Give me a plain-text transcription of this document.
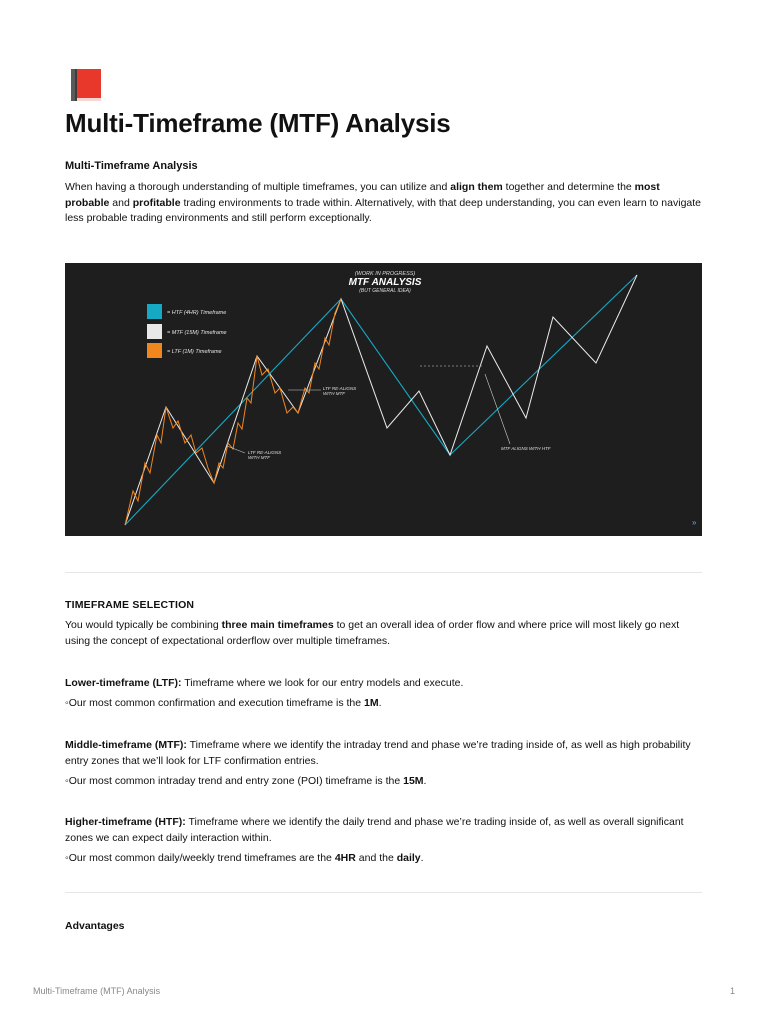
Multi-Timeframe (MTF) Analysis
Multi-Timeframe Analysis
When having a thorough understanding of multiple timeframes, you can utilize and align them together and determine the most probable and profitable trading environments to trade within. Alternatively, with that deep understanding, you can even learn to navigate less probable trading environments and still perform exceptionally.
(WORK IN PROGRESS)
MTF ANALYSIS
(BUT GENERAL IDEA)
= HTF (4HR) Timeframe
= MTF (15M) Timeframe
= LTF (1M) Timeframe
LTF RE-ALIGNS
WITH MTF
LTF RE-ALIGNS
WITH MTF
MTF ALIGNS WITH HTF
»
TIMEFRAME SELECTION
You would typically be combining three main timeframes to get an overall idea of order flow and where price will most likely go next using the concept of expectational orderflow over multiple timeframes.
Lower-timeframe (LTF): Timeframe where we look for our entry models and execute.
◦Our most common confirmation and execution timeframe is the 1M.
Middle-timeframe (MTF): Timeframe where we identify the intraday trend and phase we’re trading inside of, as well as high probability entry zones that we’ll look for LTF confirmation entries.
◦Our most common intraday trend and entry zone (POI) timeframe is the 15M.
Higher-timeframe (HTF): Timeframe where we identify the daily trend and phase we’re trading inside of, as well as overall significant zones we can expect daily interaction within.
◦Our most common daily/weekly trend timeframes are the 4HR and the daily.
Advantages
Multi-Timeframe (MTF) Analysis	1
